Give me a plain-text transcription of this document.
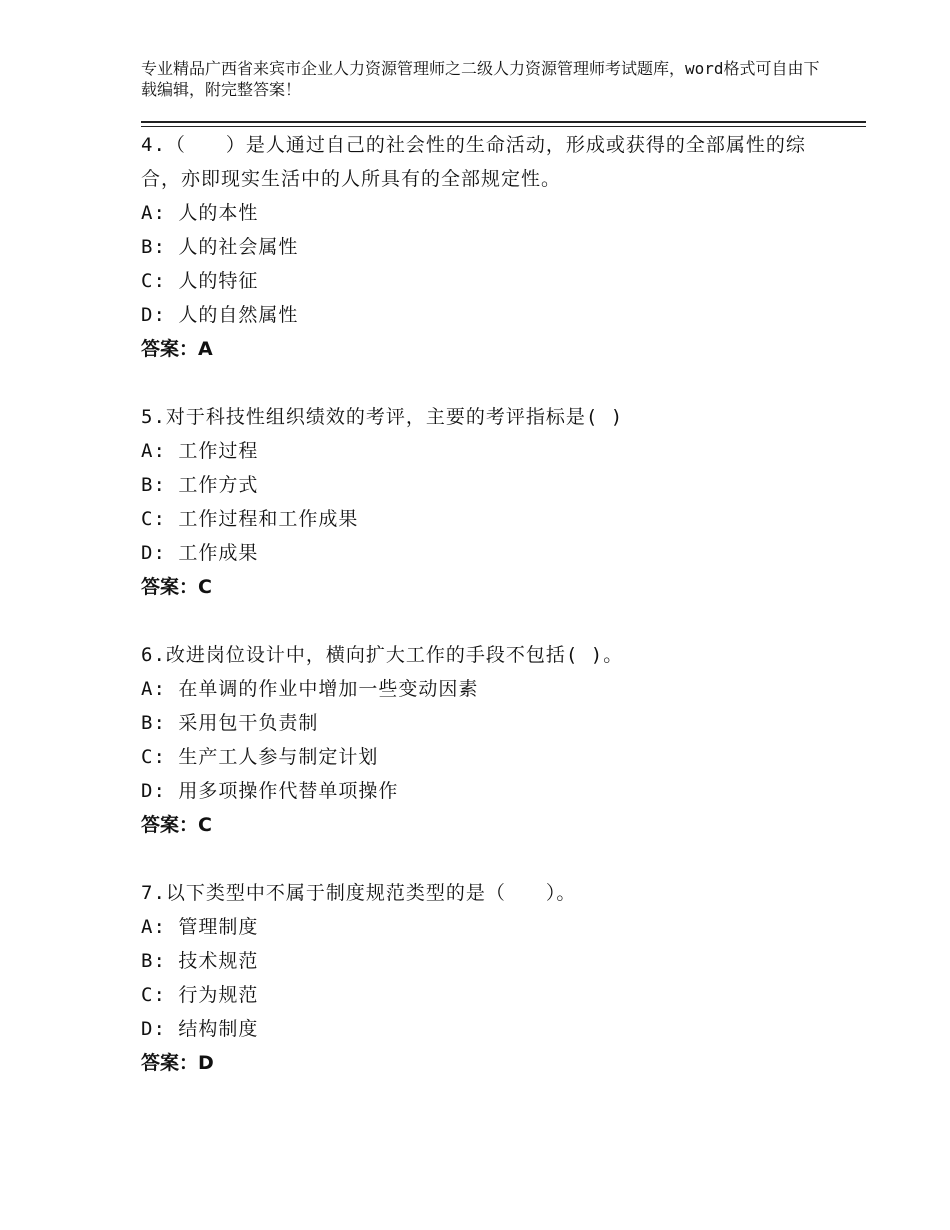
专业精品广西省来宾市企业人力资源管理师之二级人力资源管理师考试题库，word格式可自由下载编辑，附完整答案！
4.（　　）是人通过自己的社会性的生命活动，形成或获得的全部属性的综合，亦即现实生活中的人所具有的全部规定性。
A: 人的本性
B: 人的社会属性
C: 人的特征
D: 人的自然属性
答案：A
5.对于科技性组织绩效的考评，主要的考评指标是( )
A: 工作过程
B: 工作方式
C: 工作过程和工作成果
D: 工作成果
答案：C
6.改进岗位设计中，横向扩大工作的手段不包括( )。
A: 在单调的作业中增加一些变动因素
B: 采用包干负责制
C: 生产工人参与制定计划
D: 用多项操作代替单项操作
答案：C
7.以下类型中不属于制度规范类型的是（　　）。
A: 管理制度
B: 技术规范
C: 行为规范
D: 结构制度
答案：D
